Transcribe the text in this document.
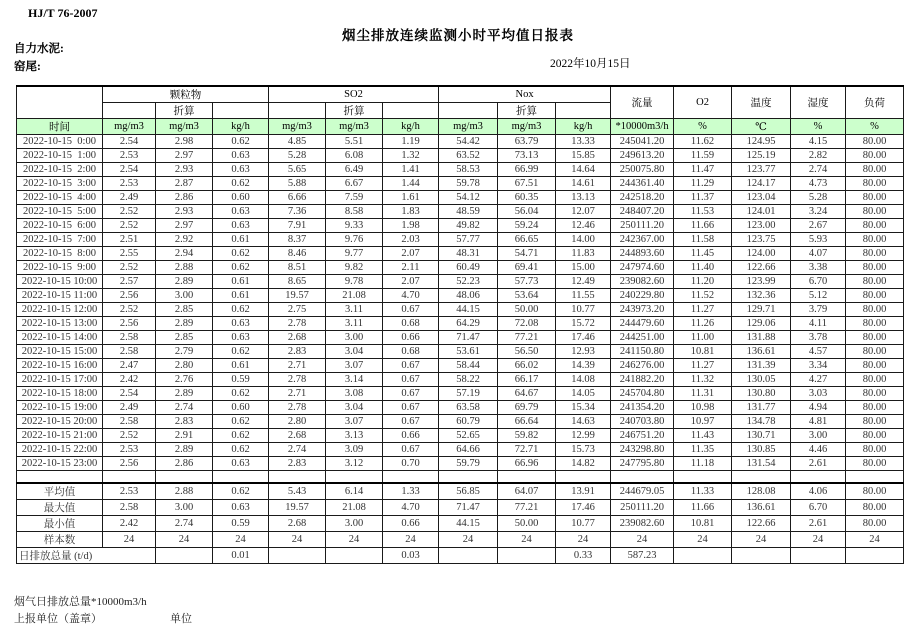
HJ/T 76-2007
烟尘排放连续监测小时平均值日报表
自力水泥:
2022年10月15日
窑尾:
	颗粒物			SO2			Nox			流量	O2	温度	湿度	负荷
		折算			折算			折算						
时间	mg/m3	mg/m3	kg/h	mg/m3	mg/m3	kg/h	mg/m3	mg/m3	kg/h	*10000m3/h	%	℃	%	%
2022-10-15  0:00	2.54	2.98	0.62	4.85	5.51	1.19	54.42	63.79	13.33	245041.20	11.62	124.95	4.15	80.00
2022-10-15  1:00	2.53	2.97	0.63	5.28	6.08	1.32	63.52	73.13	15.85	249613.20	11.59	125.19	2.82	80.00
2022-10-15  2:00	2.54	2.93	0.63	5.65	6.49	1.41	58.53	66.99	14.64	250075.80	11.47	123.77	2.74	80.00
2022-10-15  3:00	2.53	2.87	0.62	5.88	6.67	1.44	59.78	67.51	14.61	244361.40	11.29	124.17	4.73	80.00
2022-10-15  4:00	2.49	2.86	0.60	6.66	7.59	1.61	54.12	60.35	13.13	242518.20	11.37	123.04	5.28	80.00
2022-10-15  5:00	2.52	2.93	0.63	7.36	8.58	1.83	48.59	56.04	12.07	248407.20	11.53	124.01	3.24	80.00
2022-10-15  6:00	2.52	2.97	0.63	7.91	9.33	1.98	49.82	59.24	12.46	250111.20	11.66	123.00	2.67	80.00
2022-10-15  7:00	2.51	2.92	0.61	8.37	9.76	2.03	57.77	66.65	14.00	242367.00	11.58	123.75	5.93	80.00
2022-10-15  8:00	2.55	2.94	0.62	8.46	9.77	2.07	48.31	54.71	11.83	244893.60	11.45	124.00	4.07	80.00
2022-10-15  9:00	2.52	2.88	0.62	8.51	9.82	2.11	60.49	69.41	15.00	247974.60	11.40	122.66	3.38	80.00
2022-10-15 10:00	2.57	2.89	0.61	8.65	9.78	2.07	52.23	57.73	12.49	239082.60	11.20	123.99	6.70	80.00
2022-10-15 11:00	2.56	3.00	0.61	19.57	21.08	4.70	48.06	53.64	11.55	240229.80	11.52	132.36	5.12	80.00
2022-10-15 12:00	2.52	2.85	0.62	2.75	3.11	0.67	44.15	50.00	10.77	243973.20	11.27	129.71	3.79	80.00
2022-10-15 13:00	2.56	2.89	0.63	2.78	3.11	0.68	64.29	72.08	15.72	244479.60	11.26	129.06	4.11	80.00
2022-10-15 14:00	2.58	2.85	0.63	2.68	3.00	0.66	71.47	77.21	17.46	244251.00	11.00	131.88	3.78	80.00
2022-10-15 15:00	2.58	2.79	0.62	2.83	3.04	0.68	53.61	56.50	12.93	241150.80	10.81	136.61	4.57	80.00
2022-10-15 16:00	2.47	2.80	0.61	2.71	3.07	0.67	58.44	66.02	14.39	246276.00	11.27	131.39	3.34	80.00
2022-10-15 17:00	2.42	2.76	0.59	2.78	3.14	0.67	58.22	66.17	14.08	241882.20	11.32	130.05	4.27	80.00
2022-10-15 18:00	2.54	2.89	0.62	2.71	3.08	0.67	57.19	64.67	14.05	245704.80	11.31	130.80	3.03	80.00
2022-10-15 19:00	2.49	2.74	0.60	2.78	3.04	0.67	63.58	69.79	15.34	241354.20	10.98	131.77	4.94	80.00
2022-10-15 20:00	2.58	2.83	0.62	2.80	3.07	0.67	60.79	66.64	14.63	240703.80	10.97	134.78	4.81	80.00
2022-10-15 21:00	2.52	2.91	0.62	2.68	3.13	0.66	52.65	59.82	12.99	246751.20	11.43	130.71	3.00	80.00
2022-10-15 22:00	2.53	2.89	0.62	2.74	3.09	0.67	64.66	72.71	15.73	243298.80	11.35	130.85	4.46	80.00
2022-10-15 23:00	2.56	2.86	0.63	2.83	3.12	0.70	59.79	66.96	14.82	247795.80	11.18	131.54	2.61	80.00

平均值	2.53	2.88	0.62	5.43	6.14	1.33	56.85	64.07	13.91	244679.05	11.33	128.08	4.06	80.00
最大值	2.58	3.00	0.63	19.57	21.08	4.70	71.47	77.21	17.46	250111.20	11.66	136.61	6.70	80.00
最小值	2.42	2.74	0.59	2.68	3.00	0.66	44.15	50.00	10.77	239082.60	10.81	122.66	2.61	80.00
样本数	24	24	24	24	24	24	24	24	24	24	24	24	24	24
日排放总量 (t/d)			0.01			0.03			0.33	587.23				
烟气日排放总量*10000m3/h
上报单位（盖章）	单位
